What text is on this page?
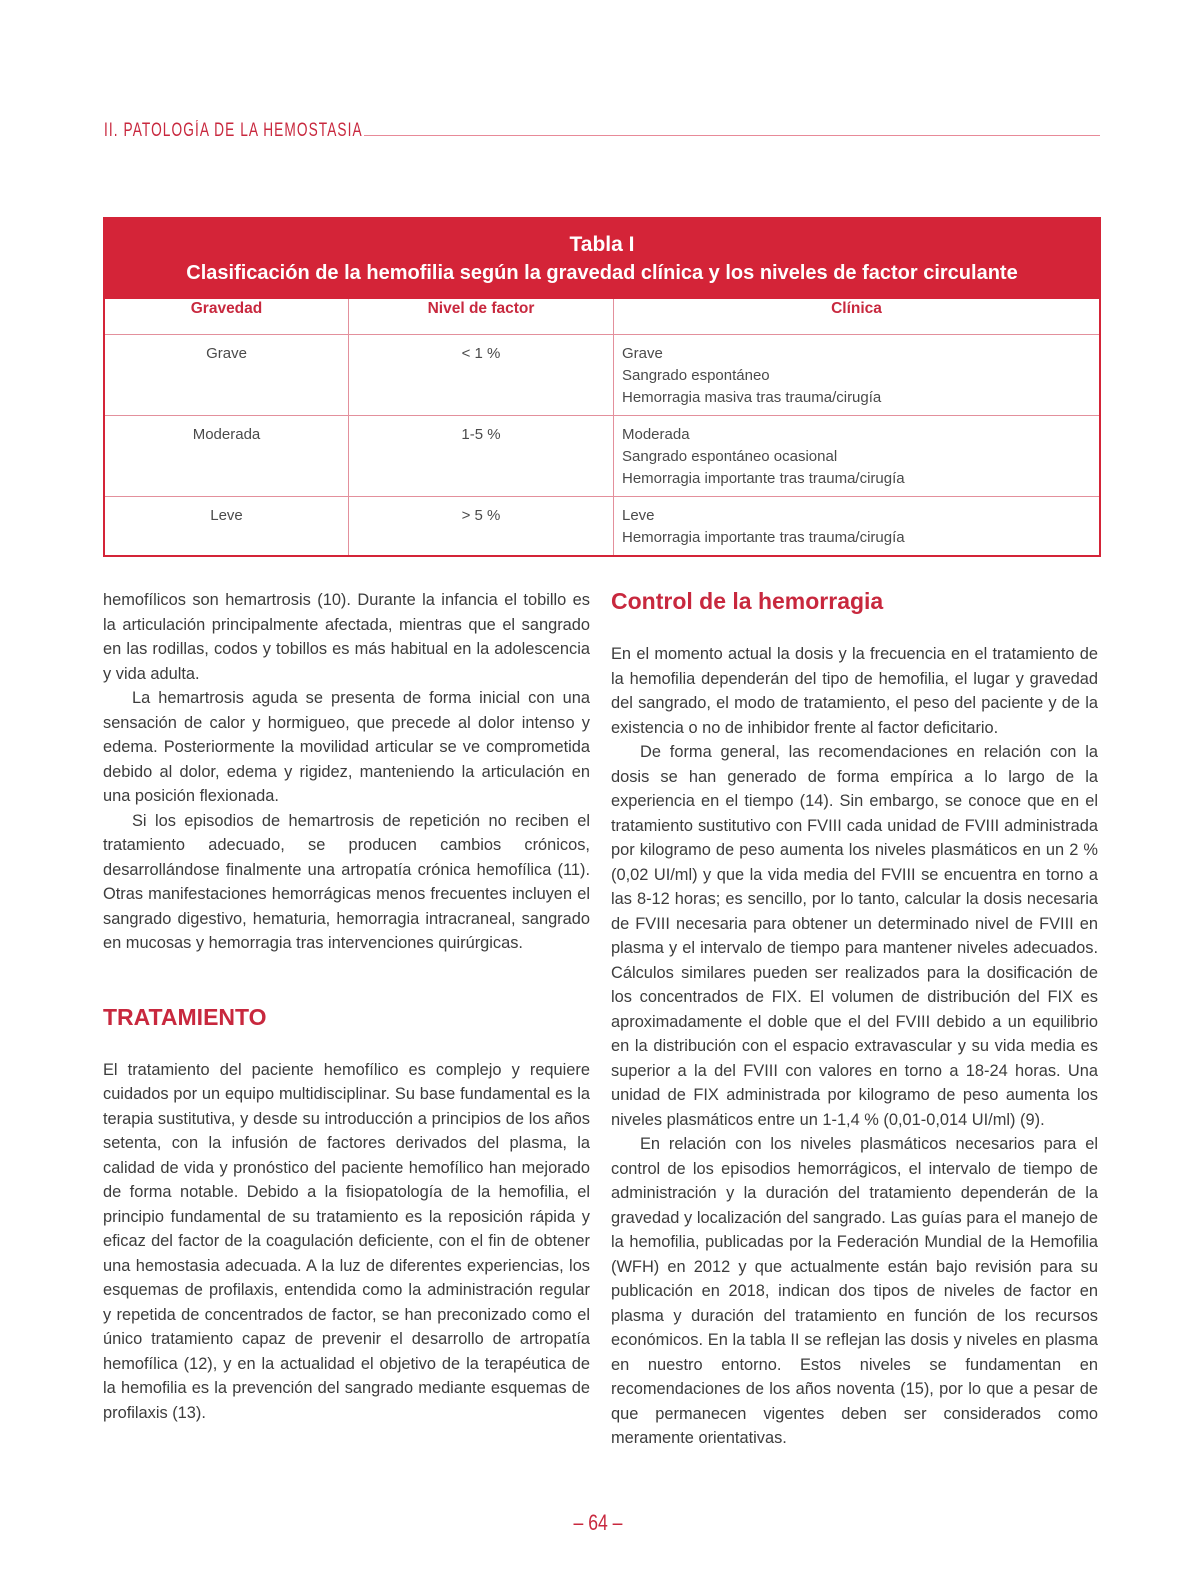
II. PATOLOGÍA DE LA HEMOSTASIA
Tabla I
Clasificación de la hemofilia según la gravedad clínica y los niveles de factor circulante
Gravedad	Nivel de factor	Clínica
Grave	< 1 %	Grave
Sangrado espontáneo
Hemorragia masiva tras trauma/cirugía

Moderada	1-5 %	Moderada
Sangrado espontáneo ocasional
Hemorragia importante tras trauma/cirugía

Leve	> 5 %	Leve
Hemorragia importante tras trauma/cirugía

hemofílicos son hemartrosis (10). Durante la infancia el tobillo es la articulación principalmente afectada, mientras que el sangrado en las rodillas, codos y tobillos es más habitual en la adolescencia y vida adulta.

La hemartrosis aguda se presenta de forma inicial con una sensación de calor y hormigueo, que precede al dolor intenso y edema. Posteriormente la movilidad articular se ve comprometida debido al dolor, edema y rigidez, manteniendo la articulación en una posición flexionada.

Si los episodios de hemartrosis de repetición no reciben el tratamiento adecuado, se producen cambios crónicos, desarrollándose finalmente una artropatía crónica hemofílica (11). Otras manifestaciones hemorrágicas menos frecuentes incluyen el sangrado digestivo, hematuria, hemorragia intracraneal, sangrado en mucosas y hemorragia tras intervenciones quirúrgicas.

TRATAMIENTO

El tratamiento del paciente hemofílico es complejo y requiere cuidados por un equipo multidisciplinar. Su base fundamental es la terapia sustitutiva, y desde su introducción a principios de los años setenta, con la infusión de factores derivados del plasma, la calidad de vida y pronóstico del paciente hemofílico han mejorado de forma notable. Debido a la fisiopatología de la hemofilia, el principio fundamental de su tratamiento es la reposición rápida y eficaz del factor de la coagulación deficiente, con el fin de obtener una hemostasia adecuada. A la luz de diferentes experiencias, los esquemas de profilaxis, entendida como la administración regular y repetida de concentrados de factor, se han preconizado como el único tratamiento capaz de prevenir el desarrollo de artropatía hemofílica (12), y en la actualidad el objetivo de la terapéutica de la hemofilia es la prevención del sangrado mediante esquemas de profilaxis (13).

Control de la hemorragia

En el momento actual la dosis y la frecuencia en el tratamiento de la hemofilia dependerán del tipo de hemofilia, el lugar y gravedad del sangrado, el modo de tratamiento, el peso del paciente y de la existencia o no de inhibidor frente al factor deficitario.

De forma general, las recomendaciones en relación con la dosis se han generado de forma empírica a lo largo de la experiencia en el tiempo (14). Sin embargo, se conoce que en el tratamiento sustitutivo con FVIII cada unidad de FVIII administrada por kilogramo de peso aumenta los niveles plasmáticos en un 2 % (0,02 UI/ml) y que la vida media del FVIII se encuentra en torno a las 8-12 horas; es sencillo, por lo tanto, calcular la dosis necesaria de FVIII necesaria para obtener un determinado nivel de FVIII en plasma y el intervalo de tiempo para mantener niveles adecuados. Cálculos similares pueden ser realizados para la dosificación de los concentrados de FIX. El volumen de distribución del FIX es aproximadamente el doble que el del FVIII debido a un equilibrio en la distribución con el espacio extravascular y su vida media es superior a la del FVIII con valores en torno a 18-24 horas. Una unidad de FIX administrada por kilogramo de peso aumenta los niveles plasmáticos entre un 1-1,4 % (0,01-0,014 UI/ml) (9).

En relación con los niveles plasmáticos necesarios para el control de los episodios hemorrágicos, el intervalo de tiempo de administración y la duración del tratamiento dependerán de la gravedad y localización del sangrado. Las guías para el manejo de la hemofilia, publicadas por la Federación Mundial de la Hemofilia (WFH) en 2012 y que actualmente están bajo revisión para su publicación en 2018, indican dos tipos de niveles de factor en plasma y duración del tratamiento en función de los recursos económicos. En la tabla II se reflejan las dosis y niveles en plasma en nuestro entorno. Estos niveles se fundamentan en recomendaciones de los años noventa (15), por lo que a pesar de que permanecen vigentes deben ser considerados como meramente orientativas.

– 64 –
